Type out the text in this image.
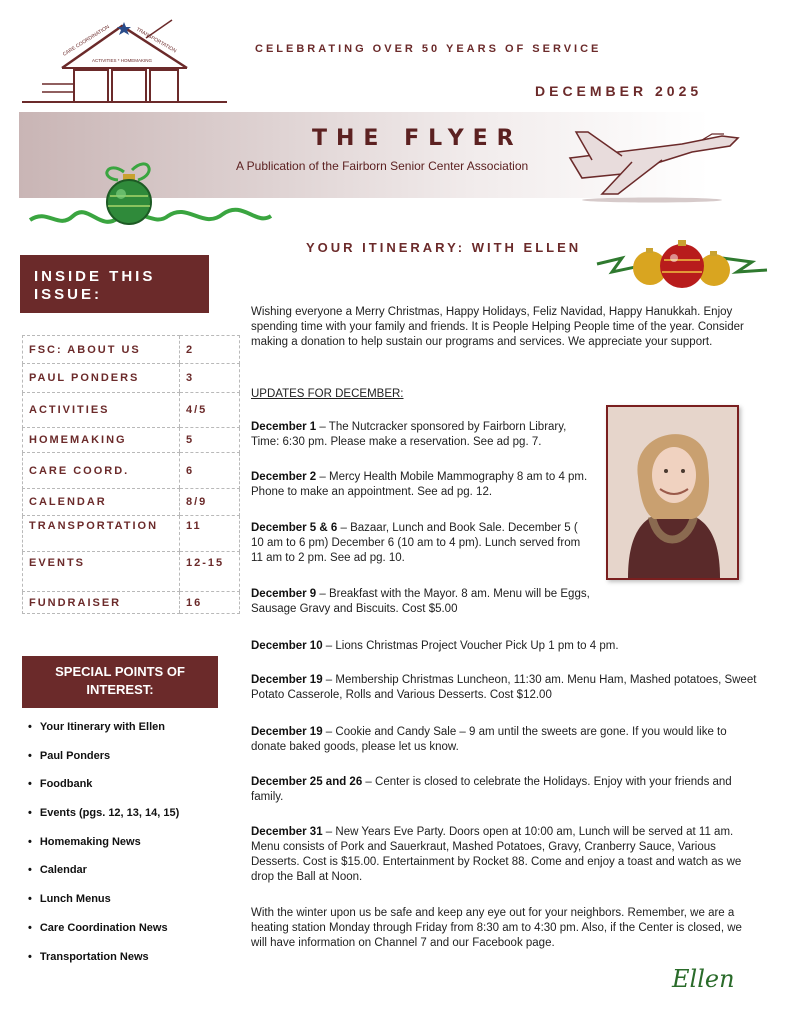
CARE COORDINATION	TRANSPORTATION
ACTIVITIES * HOMEMAKING
CELEBRATING OVER 50 YEARS OF SERVICE
DECEMBER 2025
THE FLYER
A Publication of the Fairborn Senior Center Association
YOUR ITINERARY: WITH ELLEN
INSIDE THIS ISSUE:
FSC: ABOUT US	2
PAUL PONDERS	3
ACTIVITIES	4/5
HOMEMAKING	5
CARE COORD.	6
CALENDAR	8/9
TRANSPORTATION	11
EVENTS	12-15
FUNDRAISER	16
SPECIAL POINTS OF INTEREST:
• Your Itinerary with Ellen
• Paul Ponders
• Foodbank
• Events (pgs. 12, 13, 14, 15)
• Homemaking News
• Calendar
• Lunch Menus
• Care Coordination News
• Transportation News

Wishing everyone a Merry Christmas, Happy Holidays, Feliz Navidad, Happy Hanukkah. Enjoy spending time with your family and friends. It is People Helping People time of the year. Consider making a donation to help sustain our programs and services. We appreciate your support.

UPDATES FOR DECEMBER:

December 1 – The Nutcracker sponsored by Fairborn Library, Time: 6:30 pm. Please make a reservation. See ad pg. 7.

December 2 – Mercy Health Mobile Mammography 8 am to 4 pm. Phone to make an appointment. See ad pg. 12.

December 5 & 6 – Bazaar, Lunch and Book Sale. December 5 ( 10 am to 6 pm) December 6 (10 am to 4 pm). Lunch served from 11 am to 2 pm. See ad pg. 10.

December 9 – Breakfast with the Mayor. 8 am. Menu will be Eggs, Sausage Gravy and Biscuits. Cost $5.00

December 10 – Lions Christmas Project Voucher Pick Up 1 pm to 4 pm.

December 19 – Membership Christmas Luncheon, 11:30 am. Menu Ham, Mashed potatoes, Sweet Potato Casserole, Rolls and Various Desserts. Cost $12.00

December 19 – Cookie and Candy Sale – 9 am until the sweets are gone. If you would like to donate baked goods, please let us know.

December 25 and 26 – Center is closed to celebrate the Holidays. Enjoy with your friends and family.

December 31 – New Years Eve Party. Doors open at 10:00 am, Lunch will be served at 11 am. Menu consists of Pork and Sauerkraut, Mashed Potatoes, Gravy, Cranberry Sauce, Various Desserts. Cost is $15.00. Entertainment by Rocket 88. Come and enjoy a toast and watch as we drop the Ball at Noon.

With the winter upon us be safe and keep any eye out for your neighbors. Remember, we are a heating station Monday through Friday from 8:30 am to 4:30 pm. Also, if the Center is closed, we will have information on Channel 7 and our Facebook page.

Ellen
